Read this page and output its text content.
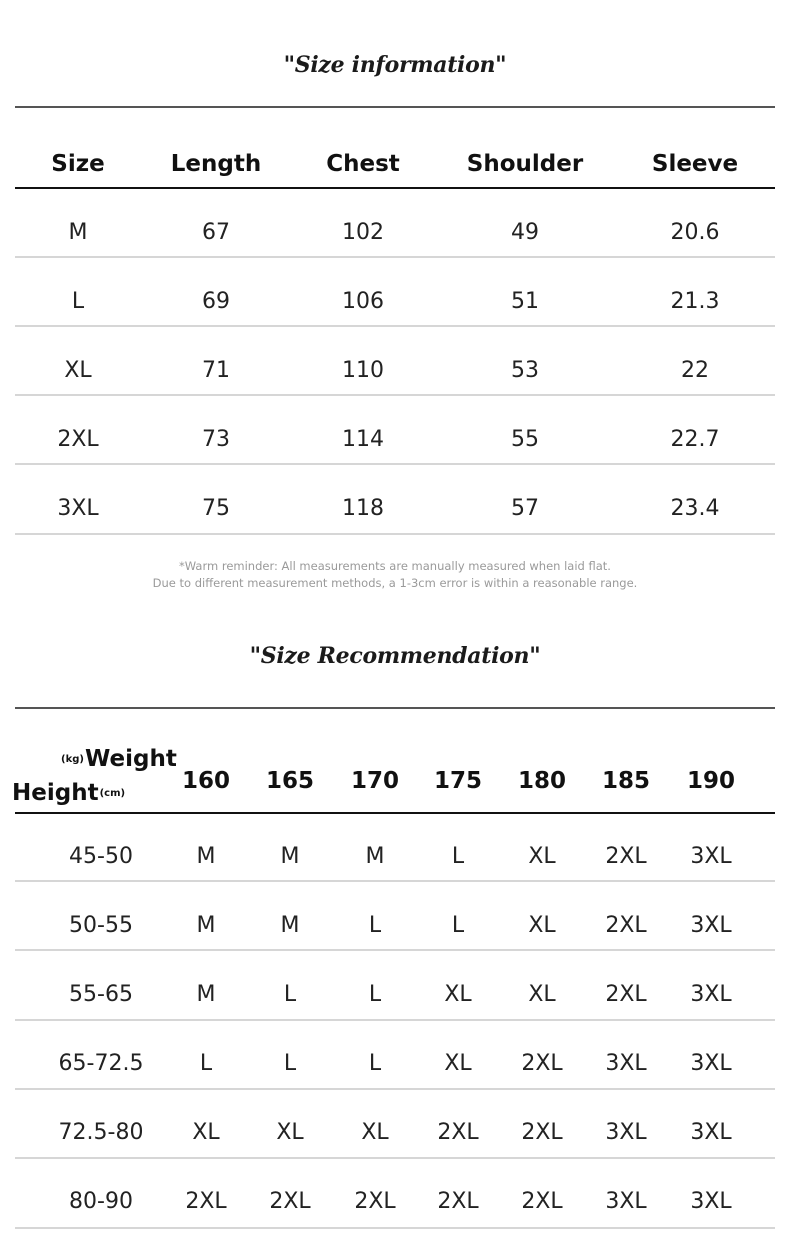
"Size information"
Size	Length	Chest	Shoulder	Sleeve
M	67	102	49	20.6
L	69	106	51	21.3
XL	71	110	53	22
2XL	73	114	55	22.7
3XL	75	118	57	23.4
*Warm reminder: All measurements are manually measured when laid flat.
Due to different measurement methods, a 1-3cm error is within a reasonable range.
"Size Recommendation"
(kg)Weight
Height(cm) 160 165 170 175 180 185 190
45-50	M	M	M	L	XL 2XL 3XL
50-55	M	M	L	L	XL 2XL 3XL
55-65	M	L	L	XL	XL 2XL 3XL
65-72.5	L	L	L	XL 2XL 3XL 3XL
72.5-80 XL	XL	XL 2XL 2XL 3XL 3XL
80-90 2XL 2XL 2XL 2XL 2XL 3XL 3XL
